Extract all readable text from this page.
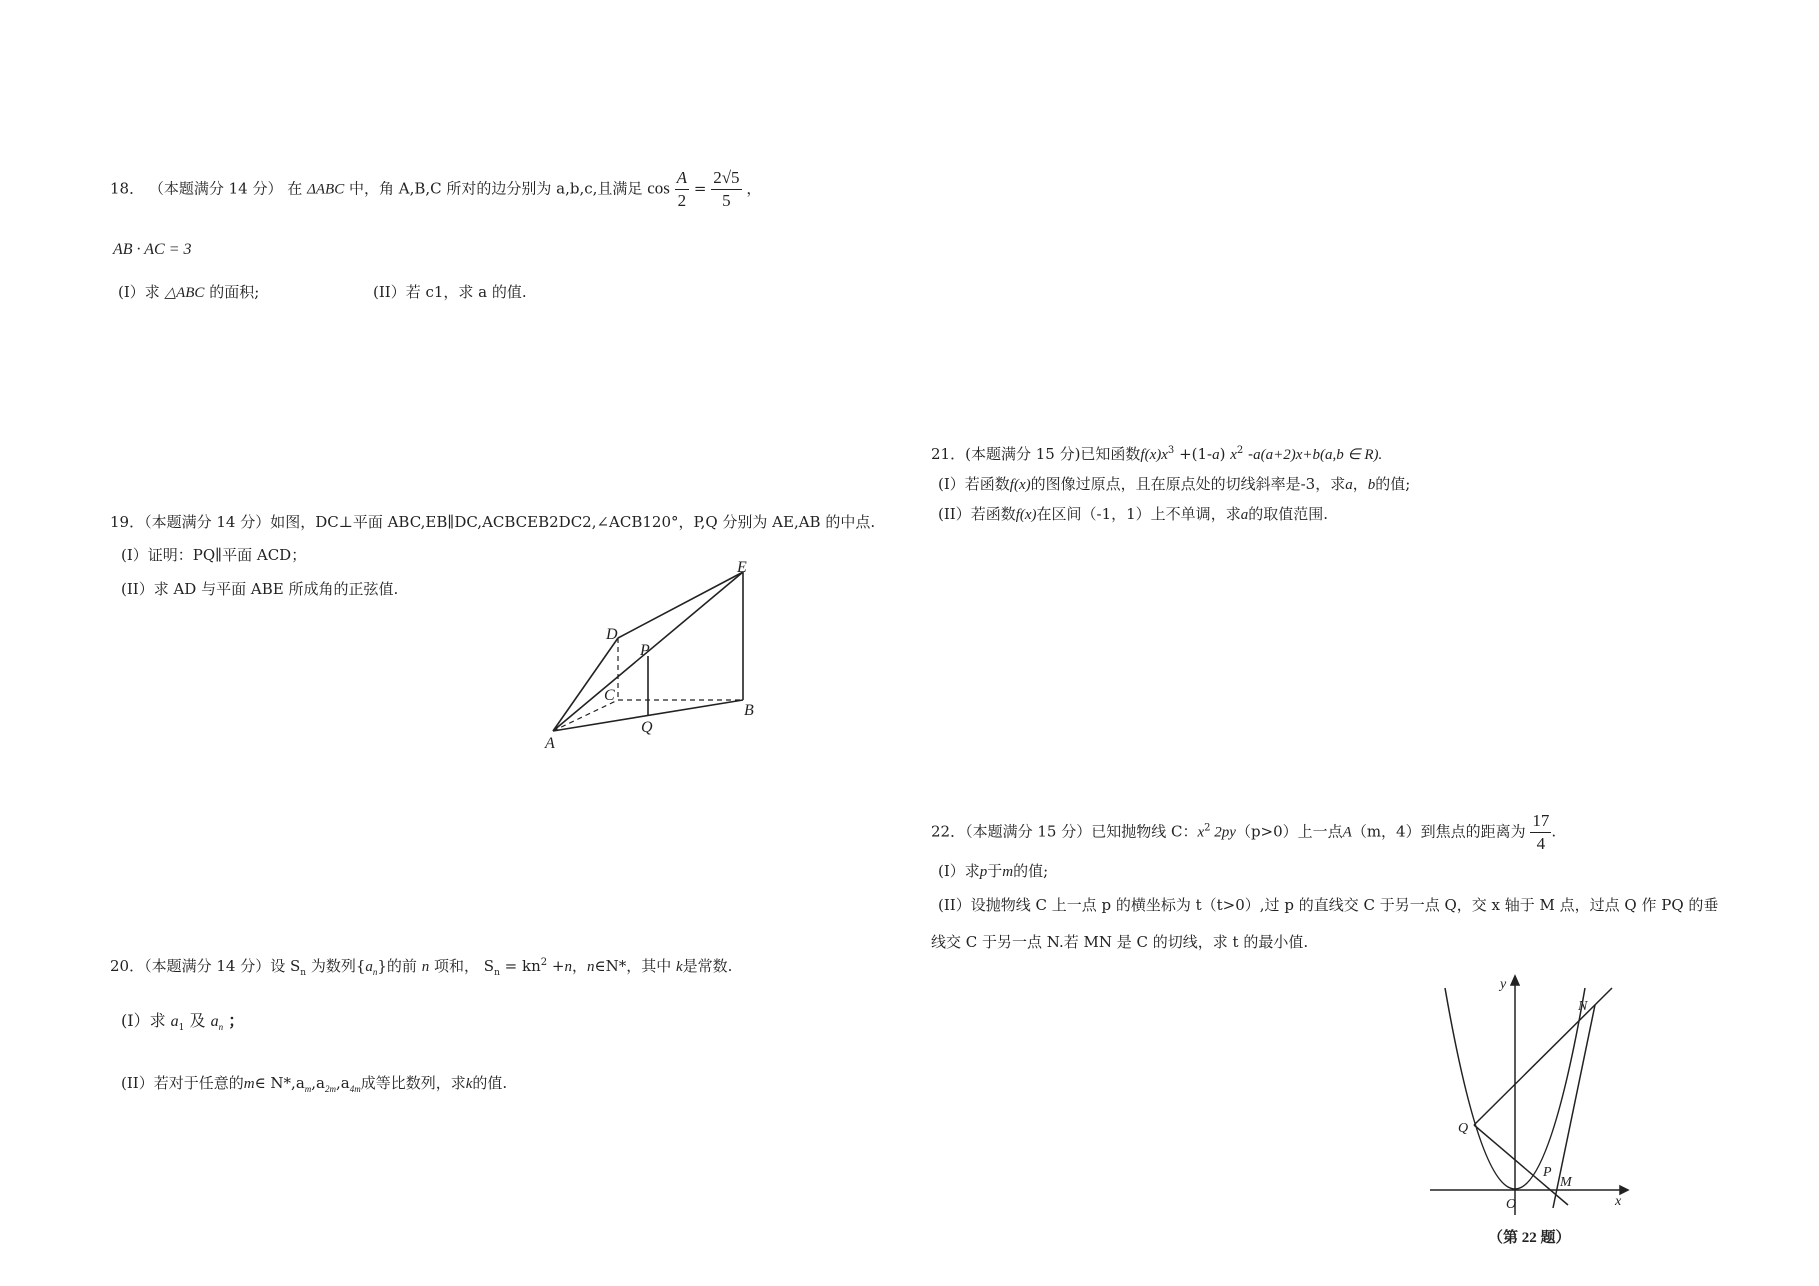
18． （本题满分 14 分） 在 ΔABC 中，角 A,B,C 所对的边分别为 a,b,c,且满足 $\cos \frac{A}{2} = \frac{2√5}{5}$ ，
AB · AC = 3
(I）求 △ABC 的面积;	(II）若 c1，求 a 的值.
19．（本题满分 14 分）如图，DC⊥平面 ABC,EB∥DC,ACBCEB2DC2,∠ACB120°，P,Q 分别为 AE,AB 的中点.
(I）证明：PQ∥平面 ACD；
(II）求 AD 与平面 ABE 所成角的正弦值.
E
D
P
C
B
A
Q
20．（本题满分 14 分）设 $S_n$ 为数列$\{a_n\}$的前 n 项和， $S_n = kn^2 +n$，n∈N*，其中 k是常数.
(I）求 $a_1$ 及 $a_n$ ；
(II）若对于任意的m∈ $N*,a_m,a_{2m},a_{4m}$成等比数列，求k的值.
21．(本题满分 15 分)已知函数$f(x)x^3 +(1-a)$ $x^2$ -a(a+2)x+b(a,b ∈ R).
(I）若函数f(x)的图像过原点，且在原点处的切线斜率是-3，求a，b的值;
(II）若函数f(x)在区间（-1，1）上不单调，求a的取值范围.
22．（本题满分 15 分）已知抛物线 C：$x^2$ 2py（p>0）上一点A（m，4）到焦点的距离为 $\frac{17}{4}$ .
(I）求p于m的值;
(II）设抛物线 C 上一点 p 的横坐标为 t（t>0）,过 p 的直线交 C 于另一点 Q，交 x 轴于 M 点，过点 Q 作 PQ 的垂
线交 C 于另一点 N.若 MN 是 C 的切线，求 t 的最小值.
y
N
Q
P
M
O	x
（第 22 题）
